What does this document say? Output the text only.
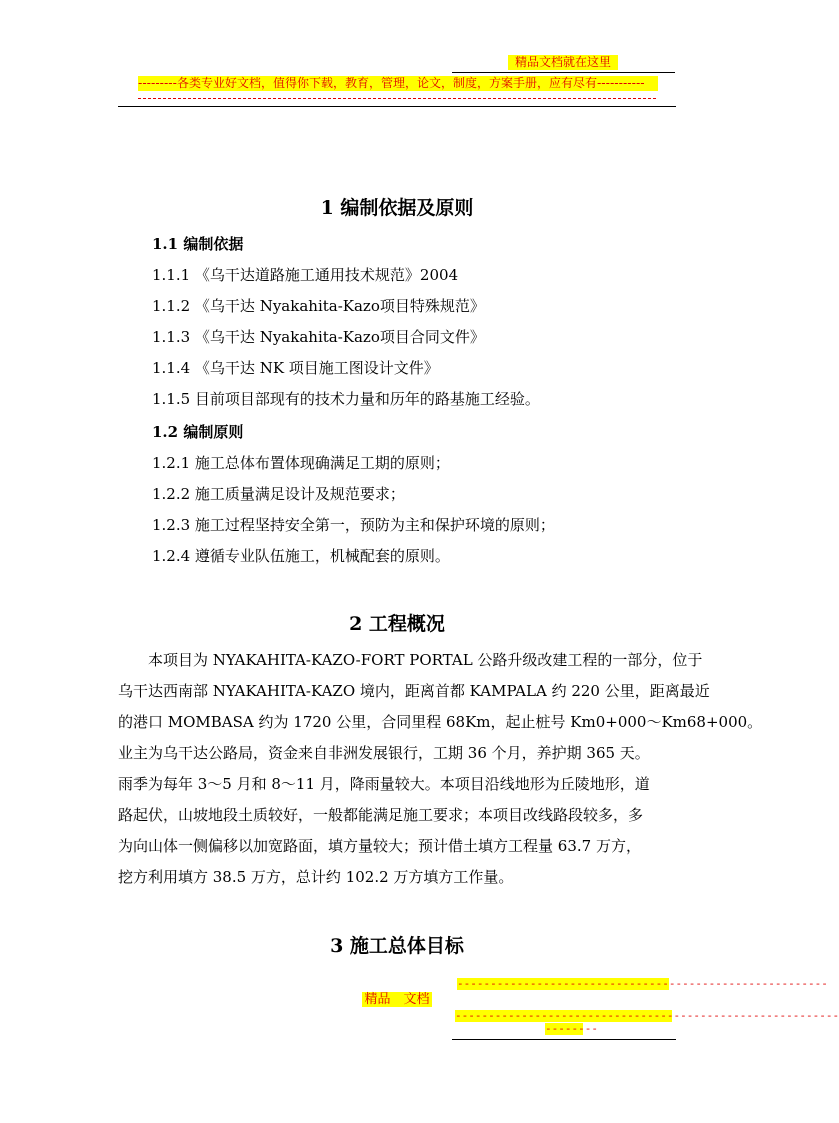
精品文档就在这里
---------各类专业好文档，值得你下载，教育，管理，论文，制度，方案手册，应有尽有-----------
1 编制依据及原则
1.1 编制依据
1.1.1 《乌干达道路施工通用技术规范》2004
1.1.2 《乌干达 Nyakahita-Kazo项目特殊规范》
1.1.3 《乌干达 Nyakahita-Kazo项目合同文件》
1.1.4 《乌干达 NK 项目施工图设计文件》
1.1.5 目前项目部现有的技术力量和历年的路基施工经验。
1.2 编制原则
1.2.1 施工总体布置体现确满足工期的原则；
1.2.2 施工质量满足设计及规范要求；
1.2.3 施工过程坚持安全第一，预防为主和保护环境的原则；
1.2.4 遵循专业队伍施工，机械配套的原则。
2 工程概况
　　本项目为 NYAKAHITA-KAZO-FORT PORTAL 公路升级改建工程的一部分，位于
乌干达西南部 NYAKAHITA-KAZO 境内，距离首都 KAMPALA 约 220 公里，距离最近
的港口 MOMBASA 约为 1720 公里，合同里程 68Km，起止桩号 Km0+000～Km68+000。
业主为乌干达公路局，资金来自非洲发展银行，工期 36 个月，养护期 365 天。
雨季为每年 3～5 月和 8～11 月，降雨量较大。本项目沿线地形为丘陵地形，道
路起伏，山坡地段土质较好，一般都能满足施工要求；本项目改线路段较多，多
为向山体一侧偏移以加宽路面，填方量较大；预计借土填方工程量 63.7 万方，
挖方利用填方 38.5 万方，总计约 102.2 万方填方工作量。
3 施工总体目标
--------------------------------------------------------
精品　文档
----------------------------------------------------------
--------
